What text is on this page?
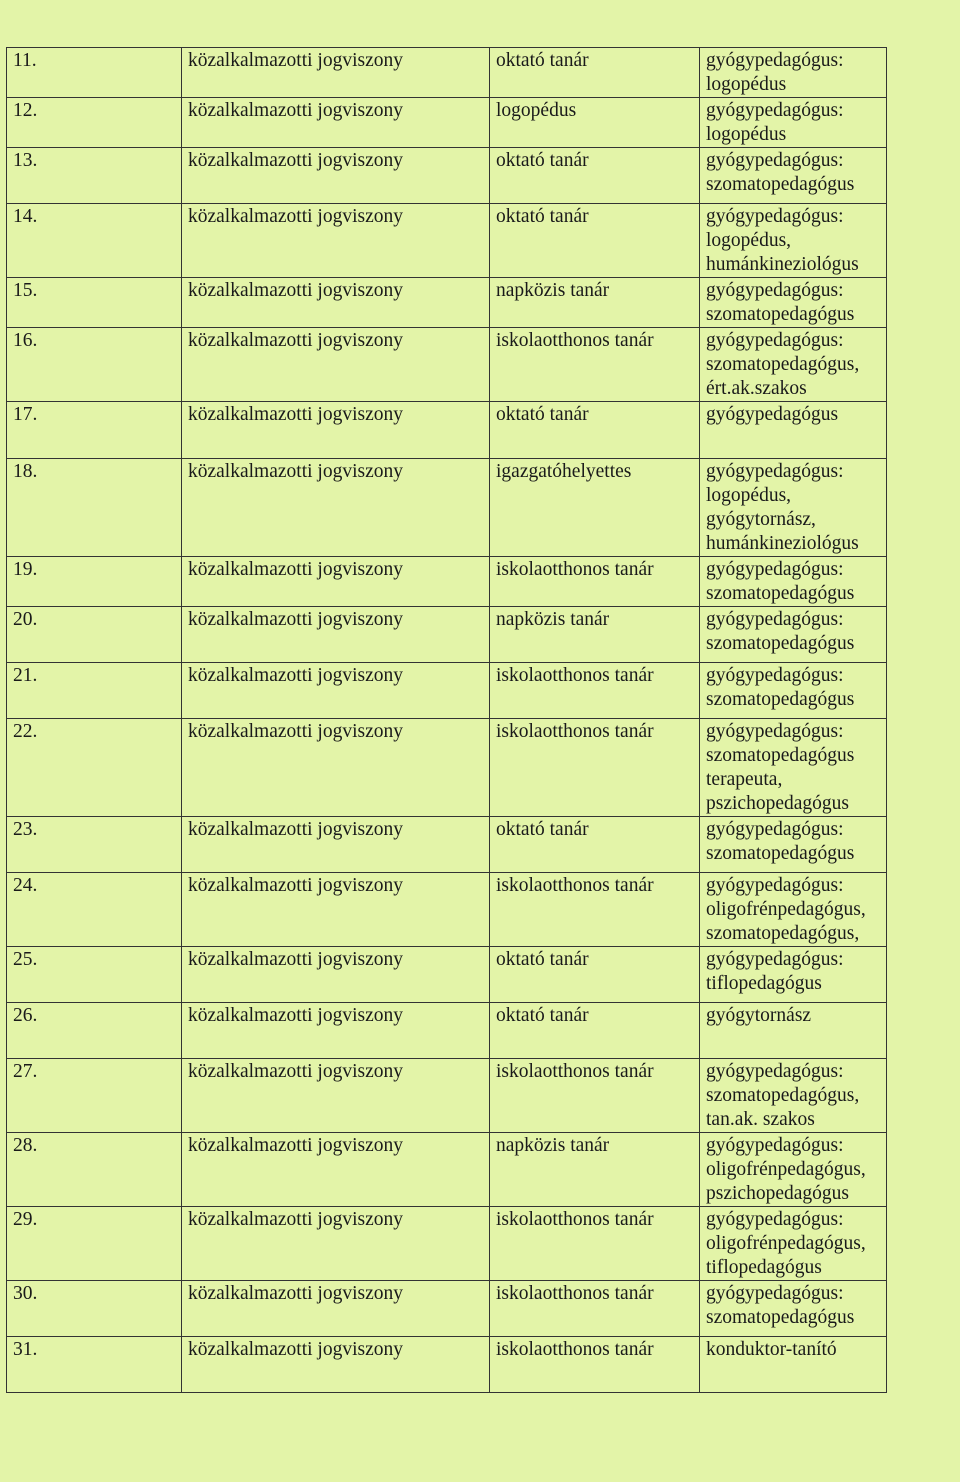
11.	közalkalmazotti jogviszony	oktató tanár	gyógypedagógus:
logopédus

12.	közalkalmazotti jogviszony	logopédus	gyógypedagógus:
logopédus

13.	közalkalmazotti jogviszony	oktató tanár	gyógypedagógus:
szomatopedagógus

14.	közalkalmazotti jogviszony	oktató tanár	gyógypedagógus:
logopédus,
humánkineziológus

15.	közalkalmazotti jogviszony	napközis tanár	gyógypedagógus:
szomatopedagógus

16.	közalkalmazotti jogviszony	iskolaotthonos tanár	gyógypedagógus:
szomatopedagógus,
ért.ak.szakos

17.	közalkalmazotti jogviszony	oktató tanár	gyógypedagógus

18.	közalkalmazotti jogviszony	igazgatóhelyettes	gyógypedagógus:
logopédus,
gyógytornász,
humánkineziológus

19.	közalkalmazotti jogviszony	iskolaotthonos tanár	gyógypedagógus:
szomatopedagógus

20.	közalkalmazotti jogviszony	napközis tanár	gyógypedagógus:
szomatopedagógus

21.	közalkalmazotti jogviszony	iskolaotthonos tanár	gyógypedagógus:
szomatopedagógus

22.	közalkalmazotti jogviszony	iskolaotthonos tanár	gyógypedagógus:
szomatopedagógus
terapeuta,
pszichopedagógus

23.	közalkalmazotti jogviszony	oktató tanár	gyógypedagógus:
szomatopedagógus

24.	közalkalmazotti jogviszony	iskolaotthonos tanár	gyógypedagógus:
oligofrénpedagógus,
szomatopedagógus,

25.	közalkalmazotti jogviszony	oktató tanár	gyógypedagógus:
tiflopedagógus

26.	közalkalmazotti jogviszony	oktató tanár	gyógytornász

27.	közalkalmazotti jogviszony	iskolaotthonos tanár	gyógypedagógus:
szomatopedagógus,
tan.ak. szakos

28.	közalkalmazotti jogviszony	napközis tanár	gyógypedagógus:
oligofrénpedagógus,
pszichopedagógus

29.	közalkalmazotti jogviszony	iskolaotthonos tanár	gyógypedagógus:
oligofrénpedagógus,
tiflopedagógus

30.	közalkalmazotti jogviszony	iskolaotthonos tanár	gyógypedagógus:
szomatopedagógus

31.	közalkalmazotti jogviszony	iskolaotthonos tanár	konduktor-tanító
